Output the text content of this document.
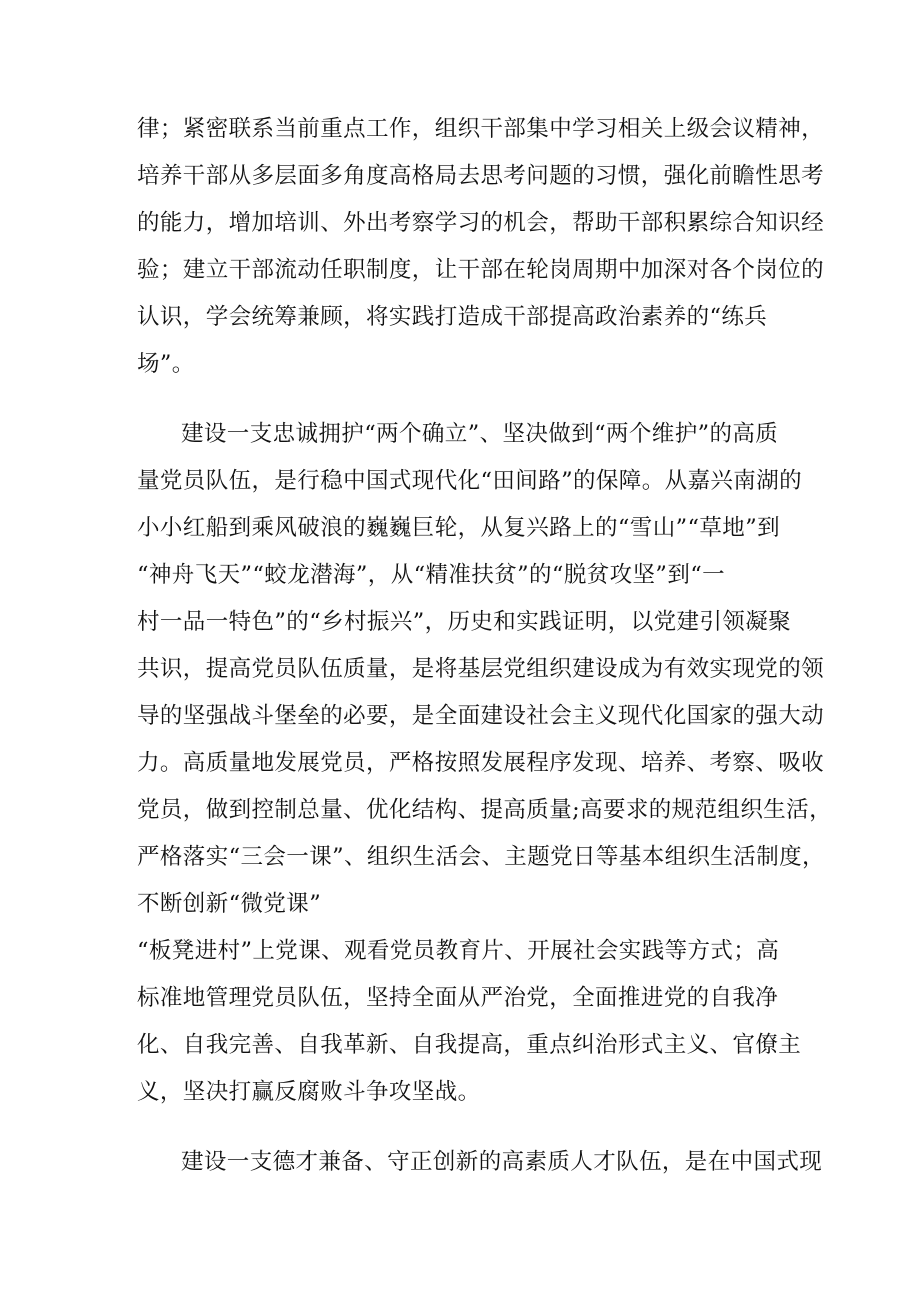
律；紧密联系当前重点工作，组织干部集中学习相关上级会议精神，
培养干部从多层面多角度高格局去思考问题的习惯，强化前瞻性思考
的能力，增加培训、外出考察学习的机会，帮助干部积累综合知识经
验；建立干部流动任职制度，让干部在轮岗周期中加深对各个岗位的
认识，学会统筹兼顾，将实践打造成干部提高政治素养的“练兵
场”。
建设一支忠诚拥护“两个确立”、坚决做到“两个维护”的高质
量党员队伍，是行稳中国式现代化“田间路”的保障。从嘉兴南湖的
小小红船到乘风破浪的巍巍巨轮，从复兴路上的“雪山”“草地”到
“神舟飞天”“蛟龙潜海”，从“精准扶贫”的“脱贫攻坚”到“一
村一品一特色”的“乡村振兴”，历史和实践证明，以党建引领凝聚
共识，提高党员队伍质量，是将基层党组织建设成为有效实现党的领
导的坚强战斗堡垒的必要，是全面建设社会主义现代化国家的强大动
力。高质量地发展党员，严格按照发展程序发现、培养、考察、吸收
党员，做到控制总量、优化结构、提高质量;高要求的规范组织生活，
严格落实“三会一课”、组织生活会、主题党日等基本组织生活制度，
不断创新“微党课”
“板凳进村”上党课、观看党员教育片、开展社会实践等方式；高
标准地管理党员队伍，坚持全面从严治党，全面推进党的自我净
化、自我完善、自我革新、自我提高，重点纠治形式主义、官僚主
义，坚决打赢反腐败斗争攻坚战。
建设一支德才兼备、守正创新的高素质人才队伍，是在中国式现
